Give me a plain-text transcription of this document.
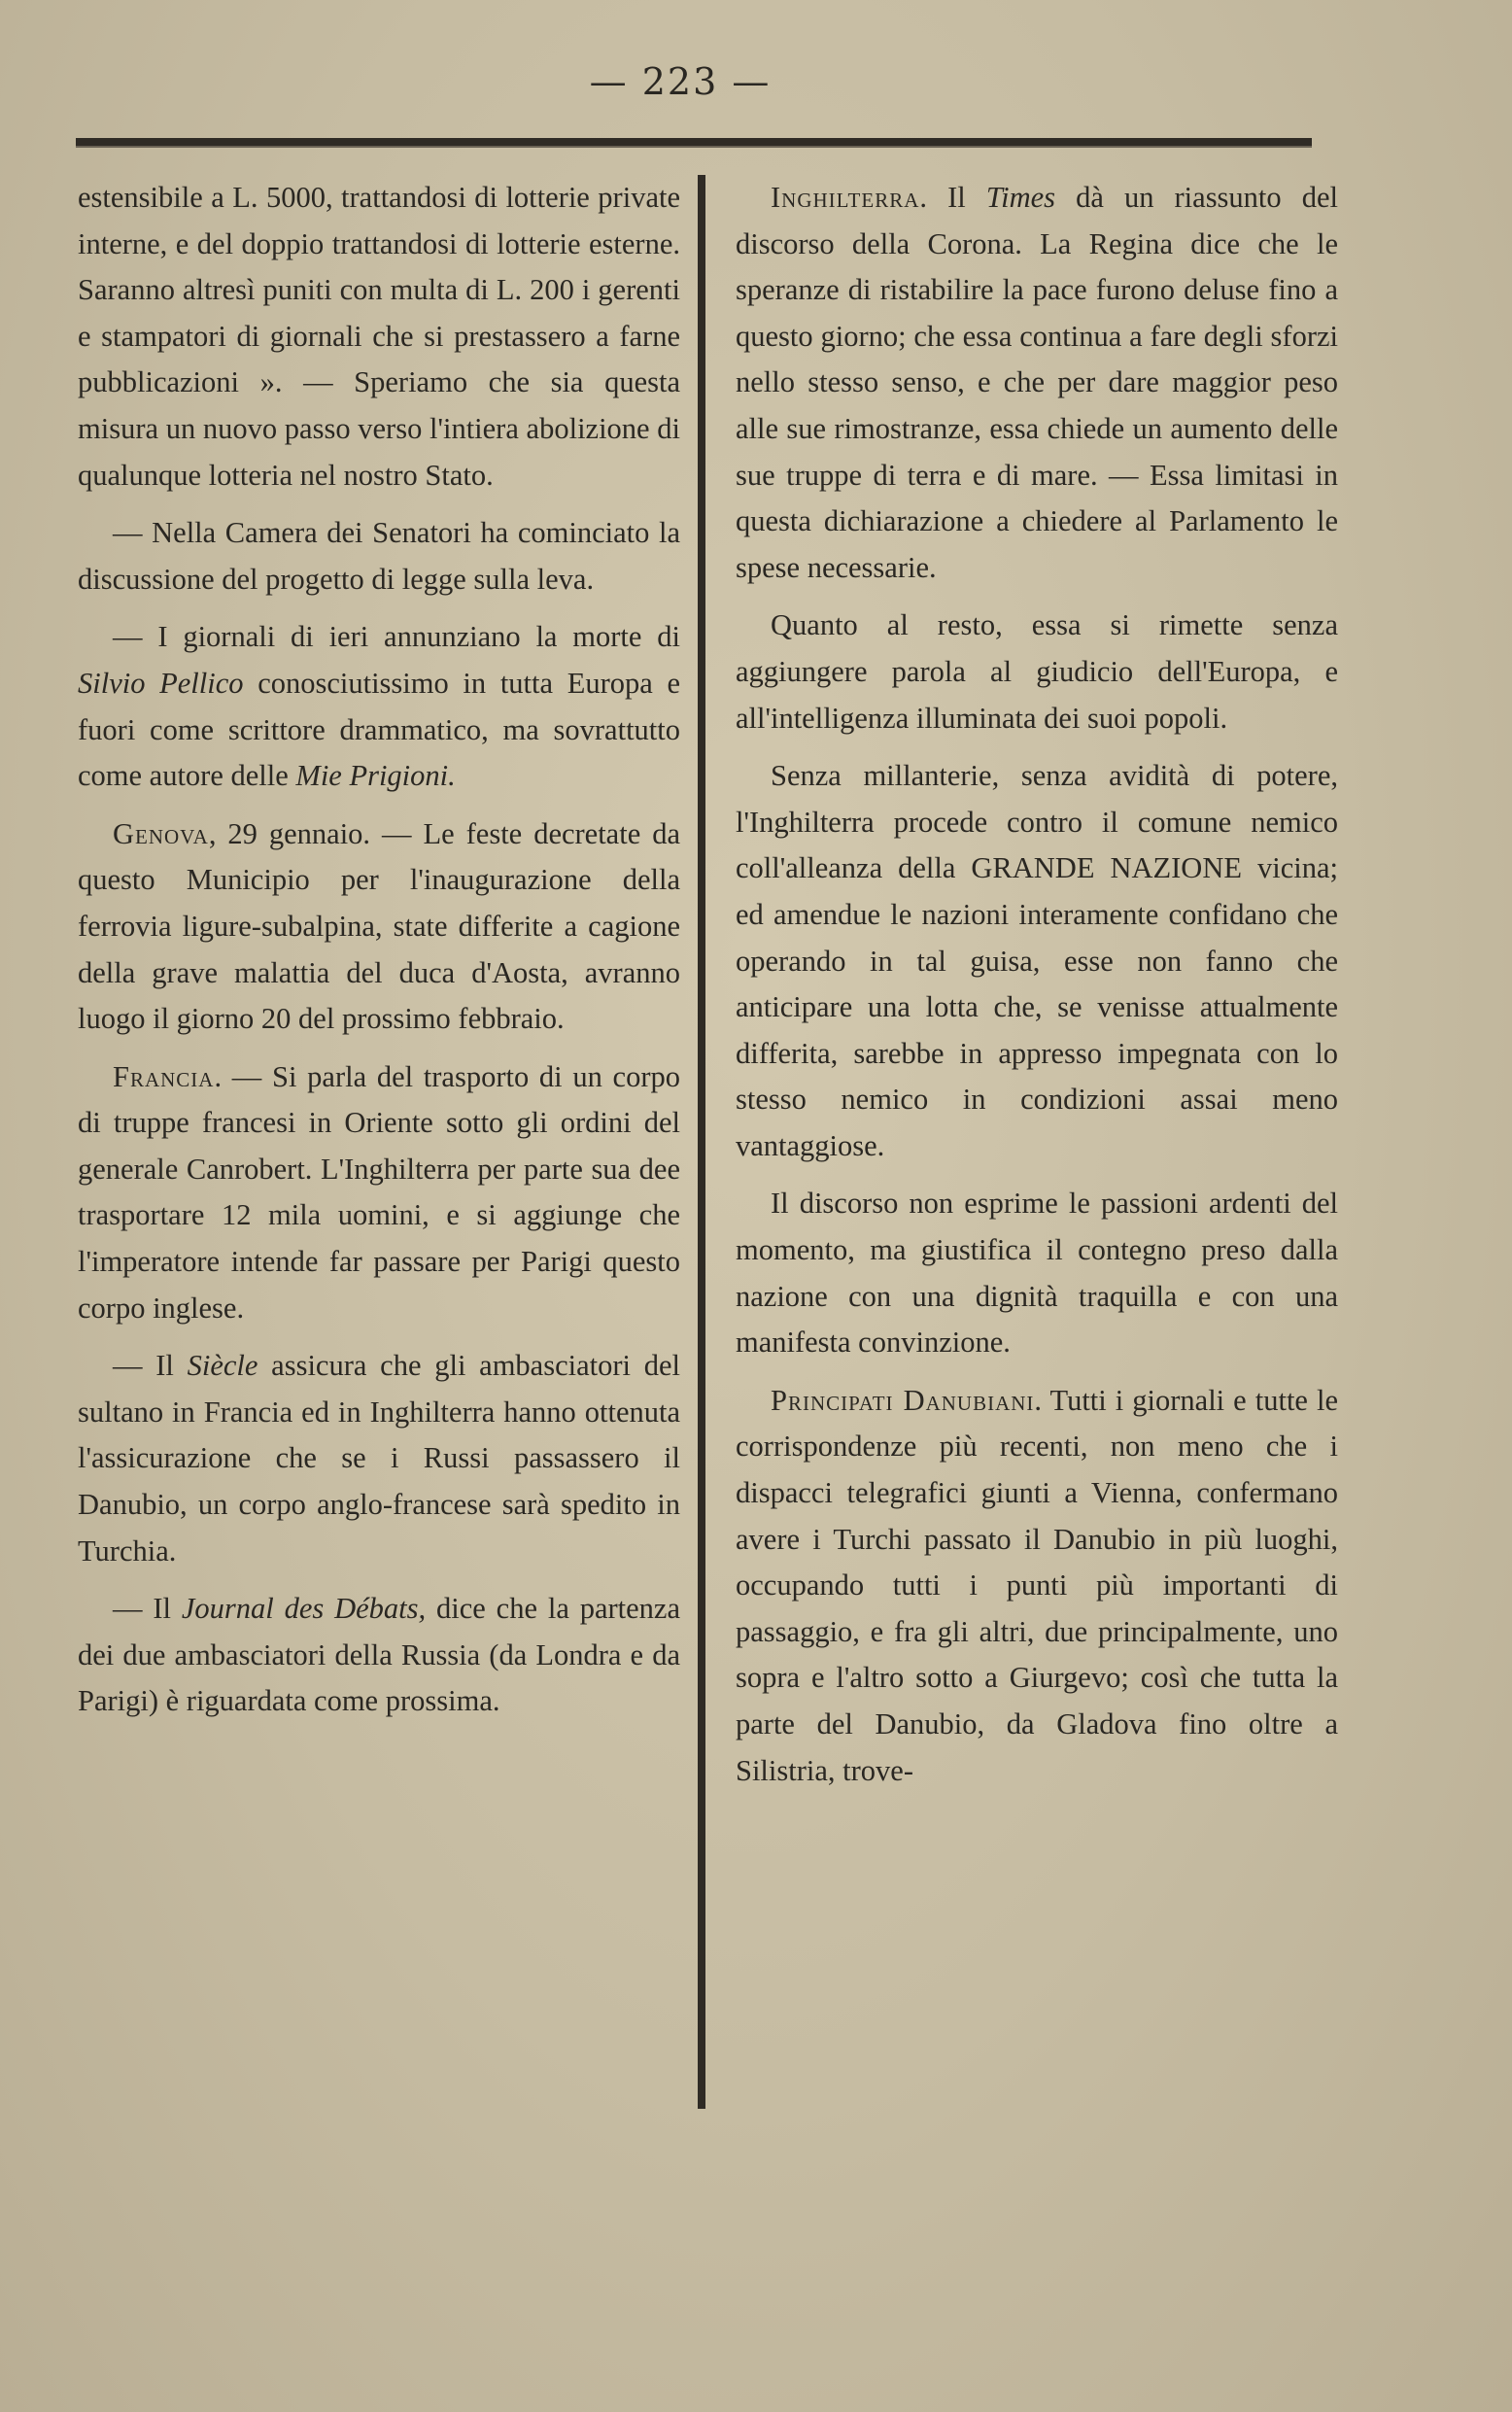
— 223 —

estensibile a L. 5000, trattandosi di lotterie private interne, e del doppio trattandosi di lotterie esterne. Saranno altresì puniti con multa di L. 200 i gerenti e stampatori di giornali che si prestassero a farne pubblicazioni ». — Speriamo che sia questa misura un nuovo passo verso l'intiera abolizione di qualunque lotteria nel nostro Stato.

— Nella Camera dei Senatori ha cominciato la discussione del progetto di legge sulla leva.

— I giornali di ieri annunziano la morte di Silvio Pellico conosciutissimo in tutta Europa e fuori come scrittore drammatico, ma sovrattutto come autore delle Mie Prigioni.

Genova, 29 gennaio. — Le feste decretate da questo Municipio per l'inaugurazione della ferrovia ligure-subalpina, state differite a cagione della grave malattia del duca d'Aosta, avranno luogo il giorno 20 del prossimo febbraio.

Francia. — Si parla del trasporto di un corpo di truppe francesi in Oriente sotto gli ordini del generale Canrobert. L'Inghilterra per parte sua dee trasportare 12 mila uomini, e si aggiunge che l'imperatore intende far passare per Parigi questo corpo inglese.

— Il Siècle assicura che gli ambasciatori del sultano in Francia ed in Inghilterra hanno ottenuta l'assicurazione che se i Russi passassero il Danubio, un corpo anglo-francese sarà spedito in Turchia.

— Il Journal des Débats, dice che la partenza dei due ambasciatori della Russia (da Londra e da Parigi) è riguardata come prossima.

Inghilterra. Il Times dà un riassunto del discorso della Corona. La Regina dice che le speranze di ristabilire la pace furono deluse fino a questo giorno; che essa continua a fare degli sforzi nello stesso senso, e che per dare maggior peso alle sue rimostranze, essa chiede un aumento delle sue truppe di terra e di mare. — Essa limitasi in questa dichiarazione a chiedere al Parlamento le spese necessarie.

Quanto al resto, essa si rimette senza aggiungere parola al giudicio dell'Europa, e all'intelligenza illuminata dei suoi popoli.

Senza millanterie, senza avidità di potere, l'Inghilterra procede contro il comune nemico coll'alleanza della GRANDE NAZIONE vicina; ed amendue le nazioni interamente confidano che operando in tal guisa, esse non fanno che anticipare una lotta che, se venisse attualmente differita, sarebbe in appresso impegnata con lo stesso nemico in condizioni assai meno vantaggiose.

Il discorso non esprime le passioni ardenti del momento, ma giustifica il contegno preso dalla nazione con una dignità traquilla e con una manifesta convinzione.

Principati Danubiani. Tutti i giornali e tutte le corrispondenze più recenti, non meno che i dispacci telegrafici giunti a Vienna, confermano avere i Turchi passato il Danubio in più luoghi, occupando tutti i punti più importanti di passaggio, e fra gli altri, due principalmente, uno sopra e l'altro sotto a Giurgevo; così che tutta la parte del Danubio, da Gladova fino oltre a Silistria, trove-
